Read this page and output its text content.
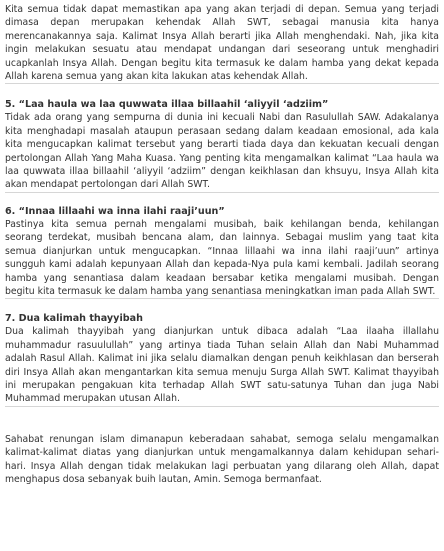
Kita semua tidak dapat memastikan apa yang akan terjadi di depan. Semua yang terjadi dimasa depan merupakan kehendak Allah SWT, sebagai manusia kita hanya merencanakannya saja. Kalimat Insya Allah berarti jika Allah menghendaki. Nah, jika kita ingin melakukan sesuatu atau mendapat undangan dari seseorang untuk menghadiri ucapkanlah Insya Allah. Dengan begitu kita termasuk ke dalam hamba yang dekat kepada Allah karena semua yang akan kita lakukan atas kehendak Allah.

5. “Laa haula wa laa quwwata illaa billaahil ‘aliyyil ‘adziim”

Tidak ada orang yang sempurna di dunia ini kecuali Nabi dan Rasulullah SAW. Adakalanya kita menghadapi masalah ataupun perasaan sedang dalam keadaan emosional, ada kala kita mengucapkan kalimat tersebut yang berarti tiada daya dan kekuatan kecuali dengan pertolongan Allah Yang Maha Kuasa. Yang penting kita mengamalkan kalimat “Laa haula wa laa quwwata illaa billaahil ‘aliyyil ‘adziim” dengan keikhlasan dan khsuyu, Insya Allah kita akan mendapat pertolongan dari Allah SWT.

6. “Innaa lillaahi wa inna ilahi raaji’uun”

Pastinya kita semua pernah mengalami musibah, baik kehilangan benda, kehilangan seorang terdekat, musibah bencana alam, dan lainnya. Sebagai muslim yang taat kita semua dianjurkan untuk mengucapkan. “Innaa lillaahi wa inna ilahi raaji’uun” artinya sungguh kami adalah kepunyaan Allah dan kepada-Nya pula kami kembali. Jadilah seorang hamba yang senantiasa dalam keadaan bersabar ketika mengalami musibah. Dengan begitu kita termasuk ke dalam hamba yang senantiasa meningkatkan iman pada Allah SWT.

7. Dua kalimah thayyibah

Dua kalimah thayyibah yang dianjurkan untuk dibaca adalah “Laa ilaaha illallahu muhammadur rasuulullah” yang artinya tiada Tuhan selain Allah dan Nabi Muhammad adalah Rasul Allah. Kalimat ini jika selalu diamalkan dengan penuh keikhlasan dan berserah diri Insya Allah akan mengantarkan kita semua menuju Surga Allah SWT. Kalimat thayyibah ini merupakan pengakuan kita terhadap Allah SWT satu-satunya Tuhan dan juga Nabi Muhammad merupakan utusan Allah.

Sahabat renungan islam dimanapun keberadaan sahabat, semoga selalu mengamalkan kalimat-kalimat diatas yang dianjurkan untuk mengamalkannya dalam kehidupan sehari-hari. Insya Allah dengan tidak melakukan lagi perbuatan yang dilarang oleh Allah, dapat menghapus dosa sebanyak buih lautan, Amin. Semoga bermanfaat.
